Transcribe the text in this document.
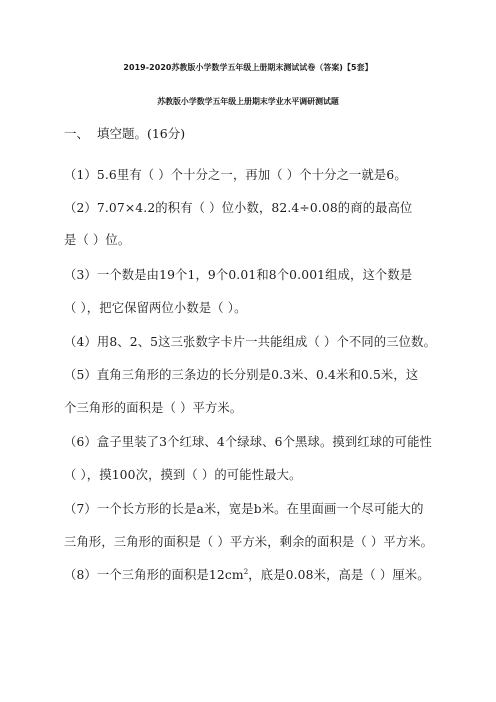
2019-2020苏教版小学数学五年级上册期末测试试卷（答案)【5套】
苏教版小学数学五年级上册期末学业水平调研测试题
一、  填空题。(16分)
（1）5.6里有（ ）个十分之一，再加（ ）个十分之一就是6。
（2）7.07×4.2的积有（ ）位小数，82.4÷0.08的商的最高位
是（ ）位。
（3）一个数是由19个1，9个0.01和8个0.001组成，这个数是
（ ），把它保留两位小数是（ ）。
（4）用8、2、5这三张数字卡片一共能组成（ ）个不同的三位数。
（5）直角三角形的三条边的长分别是0.3米、0.4米和0.5米，这
个三角形的面积是（ ）平方米。
（6）盒子里装了3个红球、4个绿球、6个黑球。摸到红球的可能性
（ ），摸100次，摸到（ ）的可能性最大。
（7）一个长方形的长是a米，宽是b米。在里面画一个尽可能大的
三角形，三角形的面积是（ ）平方米，剩余的面积是（ ）平方米。
（8）一个三角形的面积是$12cm^2$，底是0.08米，高是（ ）厘米。
